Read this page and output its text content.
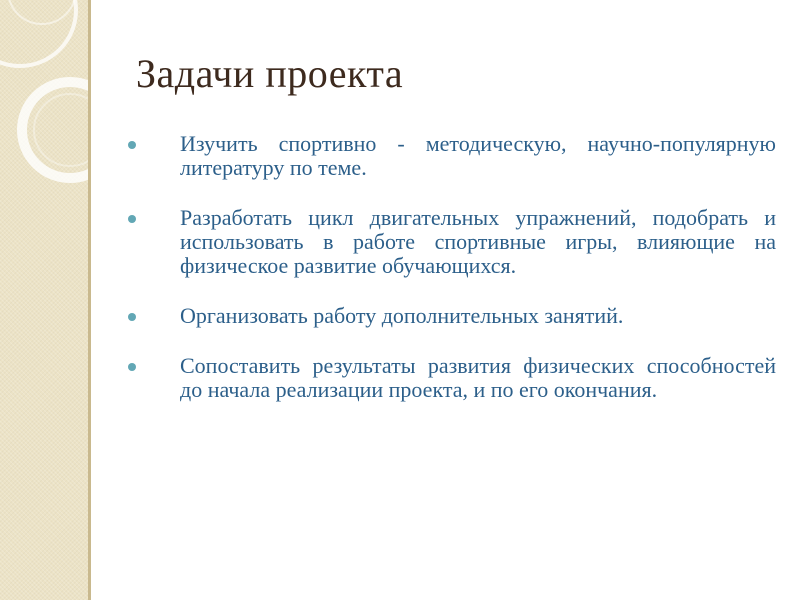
Задачи проекта
Изучить спортивно - методическую, научно-популярную литературу по теме.
Разработать цикл двигательных упражнений, подобрать и использовать в работе спортивные игры, влияющие на физическое развитие обучающихся.
Организовать работу дополнительных занятий.
Сопоставить результаты развития физических способностей до начала реализации проекта, и по его окончания.
